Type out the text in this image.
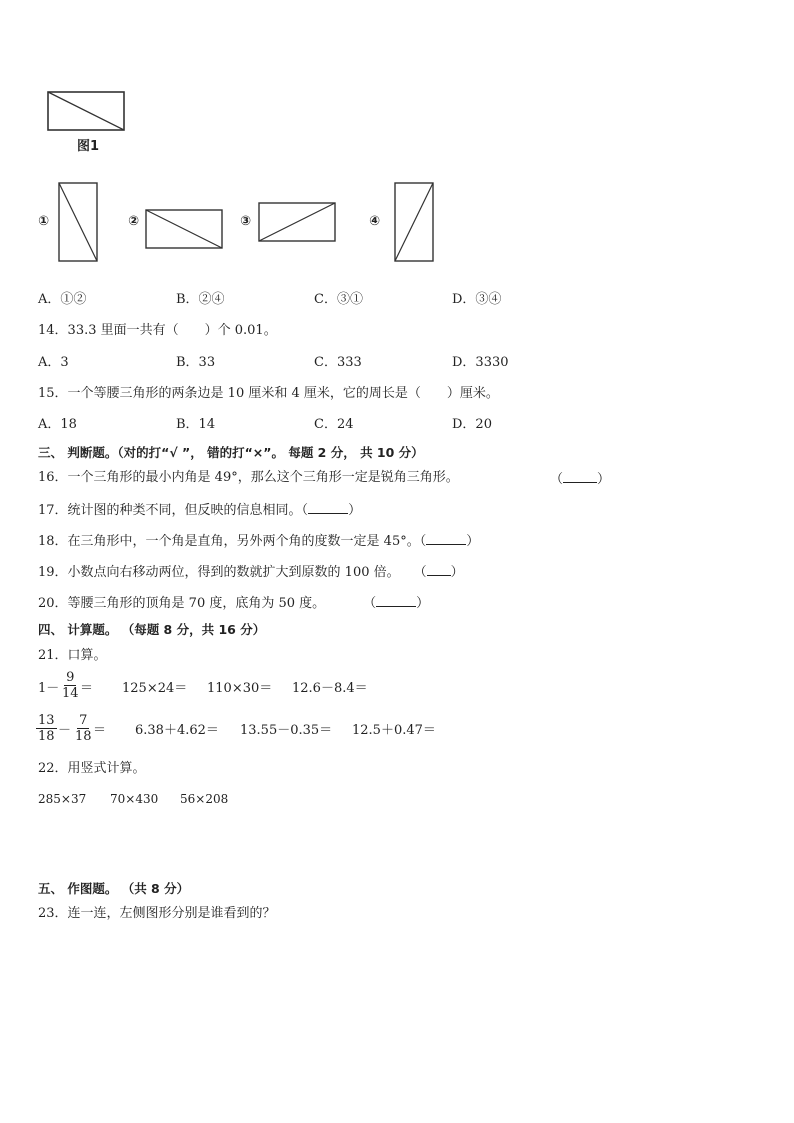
图1
①	②	③	④
A．①②	B．②④	C．③①	D．③④
14．33.3 里面一共有（　　）个 0.01。
A．3	B．33	C．333	D．3330
15．一个等腰三角形的两条边是 10 厘米和 4 厘米，它的周长是（　　）厘米。
A．18	B．14	C．24	D．20
三、 判断题。（对的打“√ ”， 错的打“×”。 每题 2 分， 共 10 分）
16．一个三角形的最小内角是 49°，那么这个三角形一定是锐角三角形。	（	）
17．统计图的种类不同，但反映的信息相同。（	）
18．在三角形中，一个角是直角，另外两个角的度数一定是 45°。（	）
19．小数点向右移动两位，得到的数就扩大到原数的 100 倍。 （ ）
20．等腰三角形的顶角是 70 度，底角为 50 度。	（	）
四、 计算题。 （每题 8 分，共 16 分）
21．口算。
$1- \frac{9}{14} = 125\times 24= 110\times 30= 12.6-8.4=$
$\frac{13}{18} - \frac{7}{18} = 6.38+4.62= 13.55-0.35= 12.5+0.47=$
22．用竖式计算。
285×37 70×430 56×208
五、 作图题。 （共 8 分）
23．连一连，左侧图形分别是谁看到的？
